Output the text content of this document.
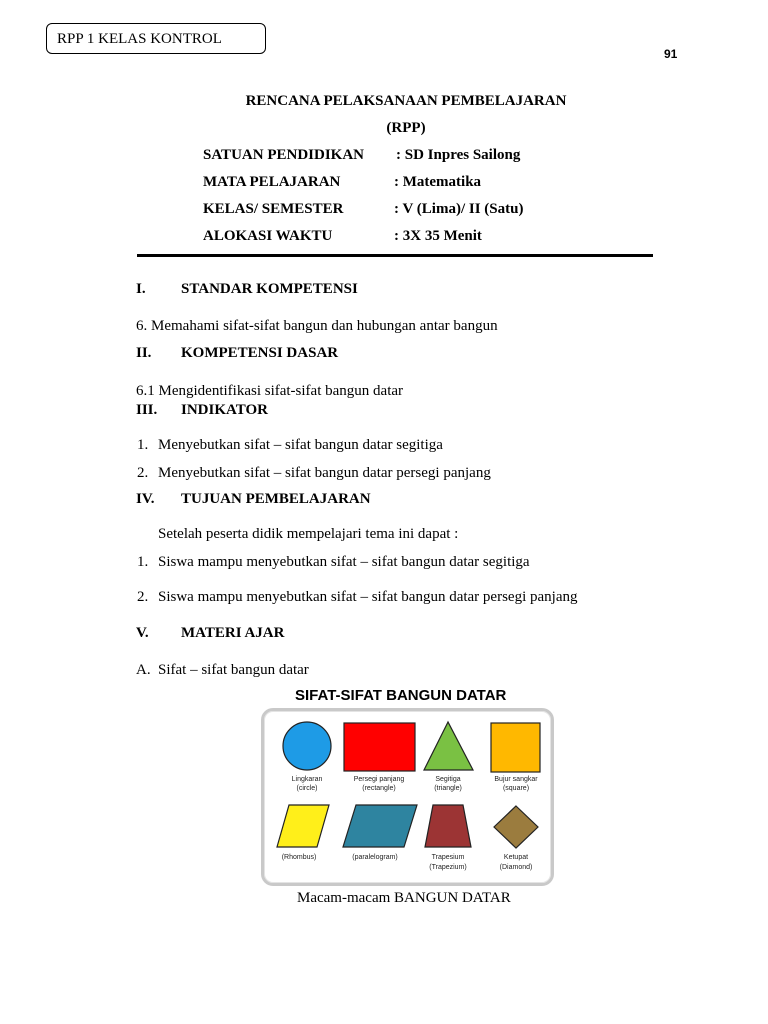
RPP 1 KELAS KONTROL
91
RENCANA PELAKSANAAN PEMBELAJARAN
(RPP)
SATUAN PENDIDIKAN : SD Inpres Sailong
MATA PELAJARAN	: Matematika
KELAS/ SEMESTER	: V (Lima)/ II (Satu)
ALOKASI WAKTU	: 3X 35 Menit
I. STANDAR KOMPETENSI
6. Memahami sifat-sifat bangun dan hubungan antar bangun
II. KOMPETENSI DASAR
6.1 Mengidentifikasi sifat-sifat bangun datar
III. INDIKATOR
1. Menyebutkan sifat – sifat bangun datar segitiga
2. Menyebutkan sifat – sifat bangun datar persegi panjang
IV. TUJUAN PEMBELAJARAN
Setelah peserta didik mempelajari tema ini dapat :
1. Siswa mampu menyebutkan sifat – sifat bangun datar segitiga
2. Siswa mampu menyebutkan sifat – sifat bangun datar persegi panjang
V. MATERI AJAR
A. Sifat – sifat bangun datar
SIFAT-SIFAT BANGUN DATAR
Lingkaran
(circle)
Persegi panjang
(rectangle)
Segitiga
(triangle)
Bujur sangkar
(square)
(Rhombus)	(paralelogram)	Trapesium
(Trapezium)
Ketupat
(Diamond)
Macam-macam BANGUN DATAR
